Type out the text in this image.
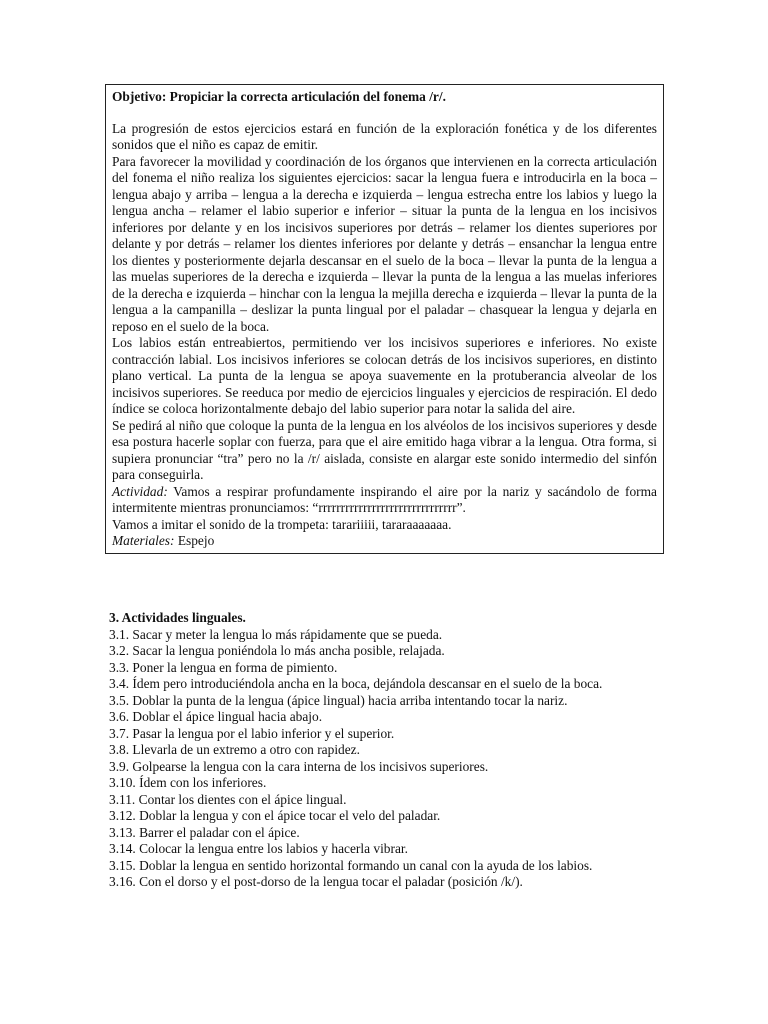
Objetivo: Propiciar la correcta articulación del fonema /r/.

La progresión de estos ejercicios estará en función de la exploración fonética y de los diferentes sonidos que el niño es capaz de emitir.

Para favorecer la movilidad y coordinación de los órganos que intervienen en la correcta articulación del fonema el niño realiza los siguientes ejercicios: sacar la lengua fuera e introducirla en la boca – lengua abajo y arriba – lengua a la derecha e izquierda – lengua estrecha entre los labios y luego la lengua ancha – relamer el labio superior e inferior – situar la punta de la lengua en los incisivos inferiores por delante y en los incisivos superiores por detrás – relamer los dientes superiores por delante y por detrás – relamer los dientes inferiores por delante y detrás – ensanchar la lengua entre los dientes y posteriormente dejarla descansar en el suelo de la boca – llevar la punta de la lengua a las muelas superiores de la derecha e izquierda – llevar la punta de la lengua a las muelas inferiores de la derecha e izquierda – hinchar con la lengua la mejilla derecha e izquierda – llevar la punta de la lengua a la campanilla – deslizar la punta lingual por el paladar – chasquear la lengua y dejarla en reposo en el suelo de la boca.

Los labios están entreabiertos, permitiendo ver los incisivos superiores e inferiores. No existe contracción labial. Los incisivos inferiores se colocan detrás de los incisivos superiores, en distinto plano vertical. La punta de la lengua se apoya suavemente en la protuberancia alveolar de los incisivos superiores. Se reeduca por medio de ejercicios linguales y ejercicios de respiración. El dedo índice se coloca horizontalmente debajo del labio superior para notar la salida del aire.

Se pedirá al niño que coloque la punta de la lengua en los alvéolos de los incisivos superiores y desde esa postura hacerle soplar con fuerza, para que el aire emitido haga vibrar a la lengua. Otra forma, si supiera pronunciar “tra” pero no la /r/ aislada, consiste en alargar este sonido intermedio del sinfón para conseguirla.

Actividad: Vamos a respirar profundamente inspirando el aire por la nariz y sacándolo de forma intermitente mientras pronunciamos: “rrrrrrrrrrrrrrrrrrrrrrrrrrrrrrr”.

Vamos a imitar el sonido de la trompeta: tarariiiii, tararaaaaaaa.

Materiales: Espejo

3. Actividades linguales.
3.1. Sacar y meter la lengua lo más rápidamente que se pueda.
3.2. Sacar la lengua poniéndola lo más ancha posible, relajada.
3.3. Poner la lengua en forma de pimiento.
3.4. Ídem pero introduciéndola ancha en la boca, dejándola descansar en el suelo de la boca.
3.5. Doblar la punta de la lengua (ápice lingual) hacia arriba intentando tocar la nariz.
3.6. Doblar el ápice lingual hacia abajo.
3.7. Pasar la lengua por el labio inferior y el superior.
3.8. Llevarla de un extremo a otro con rapidez.
3.9. Golpearse la lengua con la cara interna de los incisivos superiores.
3.10. Ídem con los inferiores.
3.11. Contar los dientes con el ápice lingual.
3.12. Doblar la lengua y con el ápice tocar el velo del paladar.
3.13. Barrer el paladar con el ápice.
3.14. Colocar la lengua entre los labios y hacerla vibrar.
3.15. Doblar la lengua en sentido horizontal formando un canal con la ayuda de los labios.
3.16. Con el dorso y el post-dorso de la lengua tocar el paladar (posición /k/).
